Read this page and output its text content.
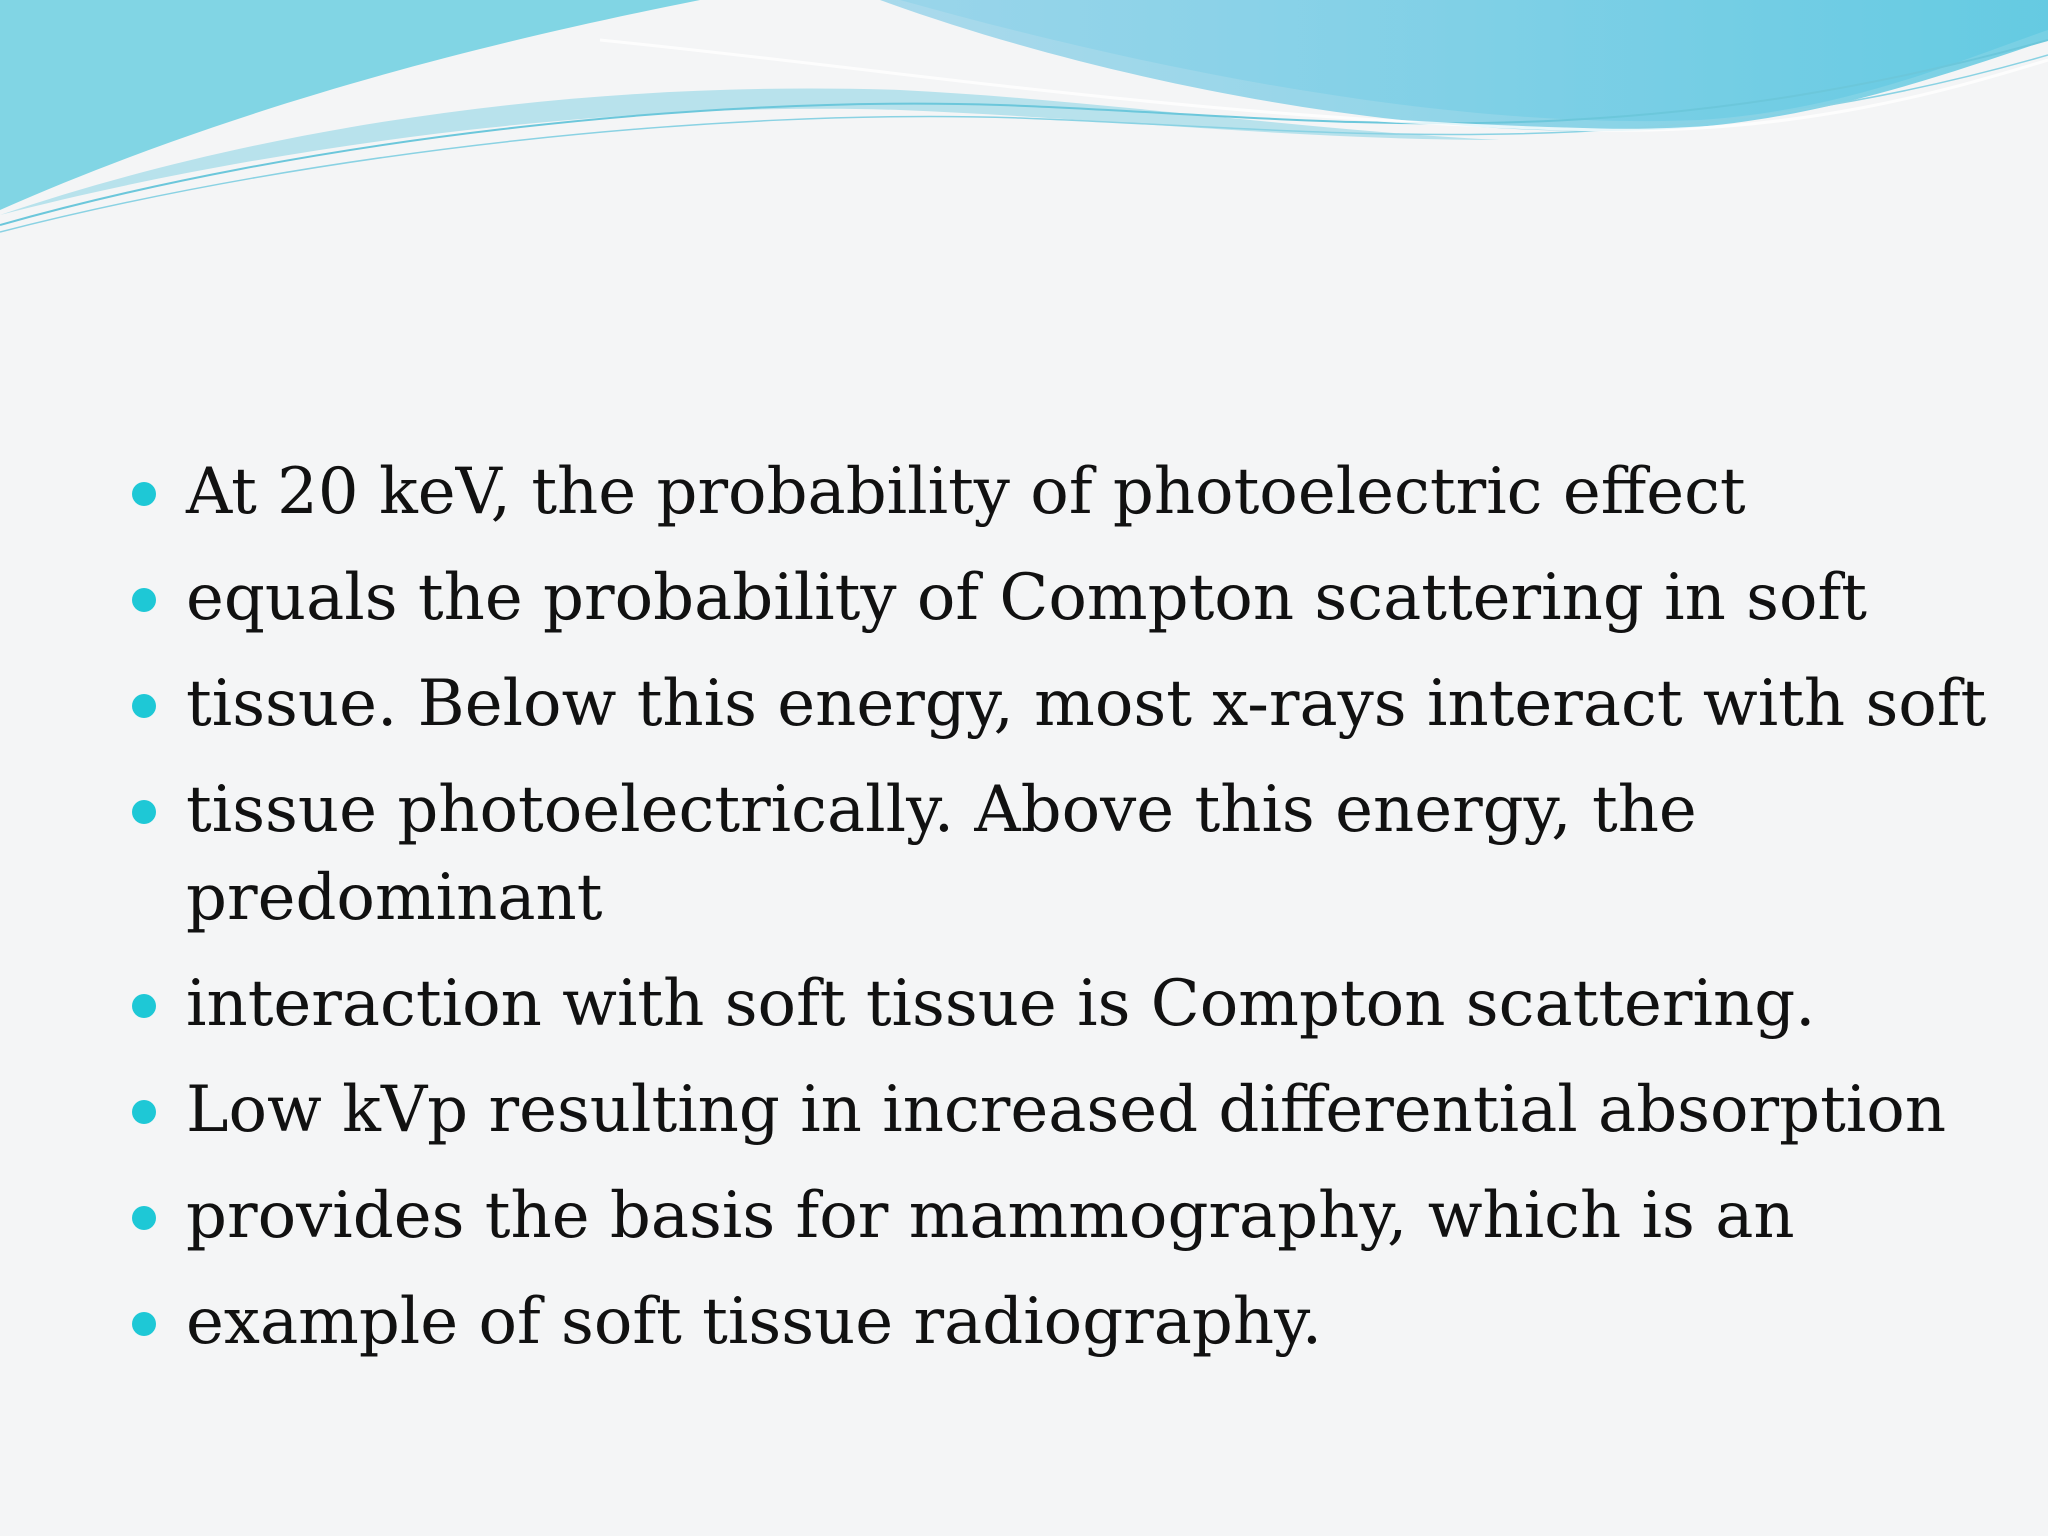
At 20 keV, the probability of photoelectric effect
equals the probability of Compton scattering in soft
tissue. Below this energy, most x-rays interact with soft
tissue photoelectrically. Above this energy, the
predominant
interaction with soft tissue is Compton scattering.
Low kVp resulting in increased differential absorption
provides the basis for mammography, which is an
example of soft tissue radiography.
